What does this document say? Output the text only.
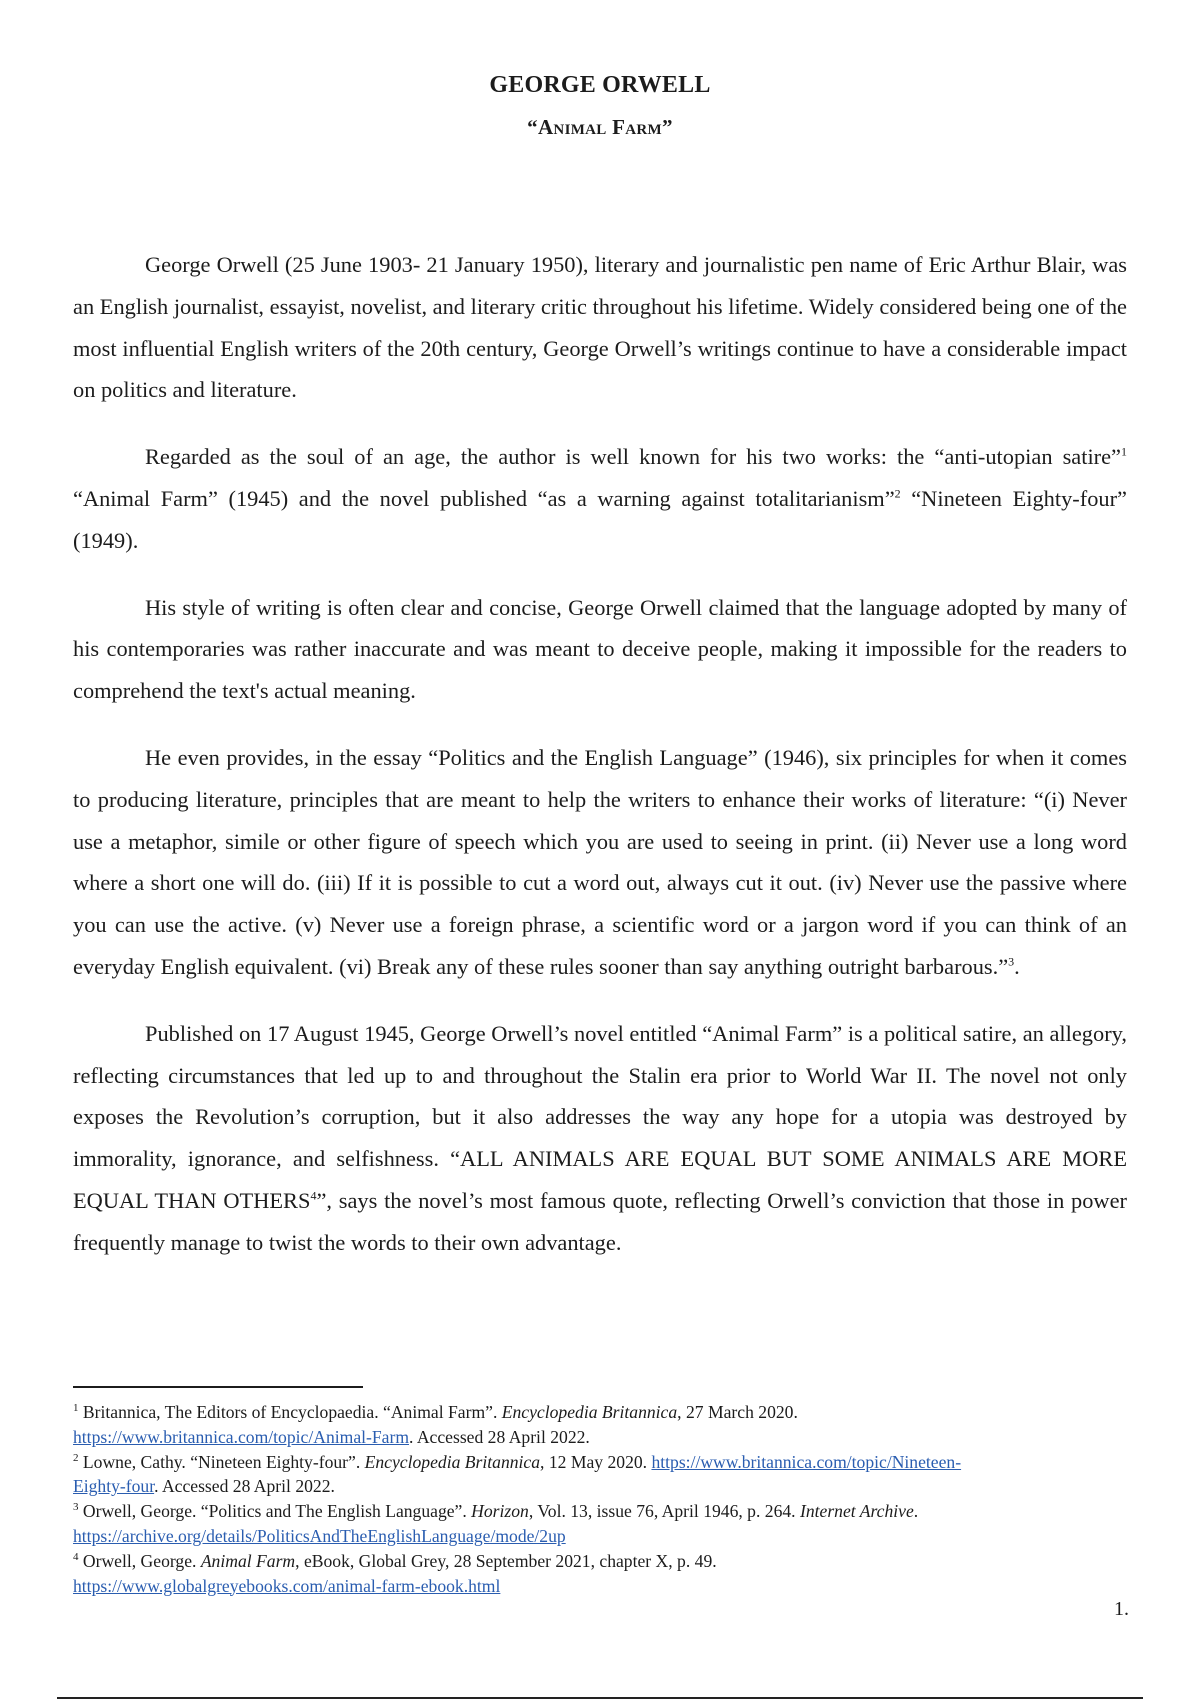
GEORGE ORWELL
“Animal Farm”

George Orwell (25 June 1903- 21 January 1950), literary and journalistic pen name of Eric Arthur Blair, was an English journalist, essayist, novelist, and literary critic throughout his lifetime. Widely considered being one of the most influential English writers of the 20th century, George Orwell’s writings continue to have a considerable impact on politics and literature.

Regarded as the soul of an age, the author is well known for his two works: the “anti-utopian satire”$^1$ “Animal Farm” (1945) and the novel published “as a warning against totalitarianism”$^2$ “Nineteen Eighty-four” (1949).

His style of writing is often clear and concise, George Orwell claimed that the language adopted by many of his contemporaries was rather inaccurate and was meant to deceive people, making it impossible for the readers to comprehend the text's actual meaning.

He even provides, in the essay “Politics and the English Language” (1946), six principles for when it comes to producing literature, principles that are meant to help the writers to enhance their works of literature: “(i) Never use a metaphor, simile or other figure of speech which you are used to seeing in print. (ii) Never use a long word where a short one will do. (iii) If it is possible to cut a word out, always cut it out. (iv) Never use the passive where you can use the active. (v) Never use a foreign phrase, a scientific word or a jargon word if you can think of an everyday English equivalent. (vi) Break any of these rules sooner than say anything outright barbarous.”$^3$.

Published on 17 August 1945, George Orwell’s novel entitled “Animal Farm” is a political satire, an allegory, reflecting circumstances that led up to and throughout the Stalin era prior to World War II. The novel not only exposes the Revolution’s corruption, but it also addresses the way any hope for a utopia was destroyed by immorality, ignorance, and selfishness. “ALL ANIMALS ARE EQUAL BUT SOME ANIMALS ARE MORE EQUAL THAN OTHERS$^4$”, says the novel’s most famous quote, reflecting Orwell’s conviction that those in power frequently manage to twist the words to their own advantage.

$^1$ Britannica, The Editors of Encyclopaedia. “Animal Farm”. Encyclopedia Britannica, 27 March 2020.
https://www.britannica.com/topic/Animal-Farm. Accessed 28 April 2022.

$^2$ Lowne, Cathy. “Nineteen Eighty-four”. Encyclopedia Britannica, 12 May 2020. https://www.britannica.com/topic/Nineteen-
Eighty-four. Accessed 28 April 2022.

$^3$ Orwell, George. “Politics and The English Language”. Horizon, Vol. 13, issue 76, April 1946, p. 264. Internet Archive.
https://archive.org/details/PoliticsAndTheEnglishLanguage/mode/2up

$^4$ Orwell, George. Animal Farm, eBook, Global Grey, 28 September 2021, chapter X, p. 49.
https://www.globalgreyebooks.com/animal-farm-ebook.html

1.
